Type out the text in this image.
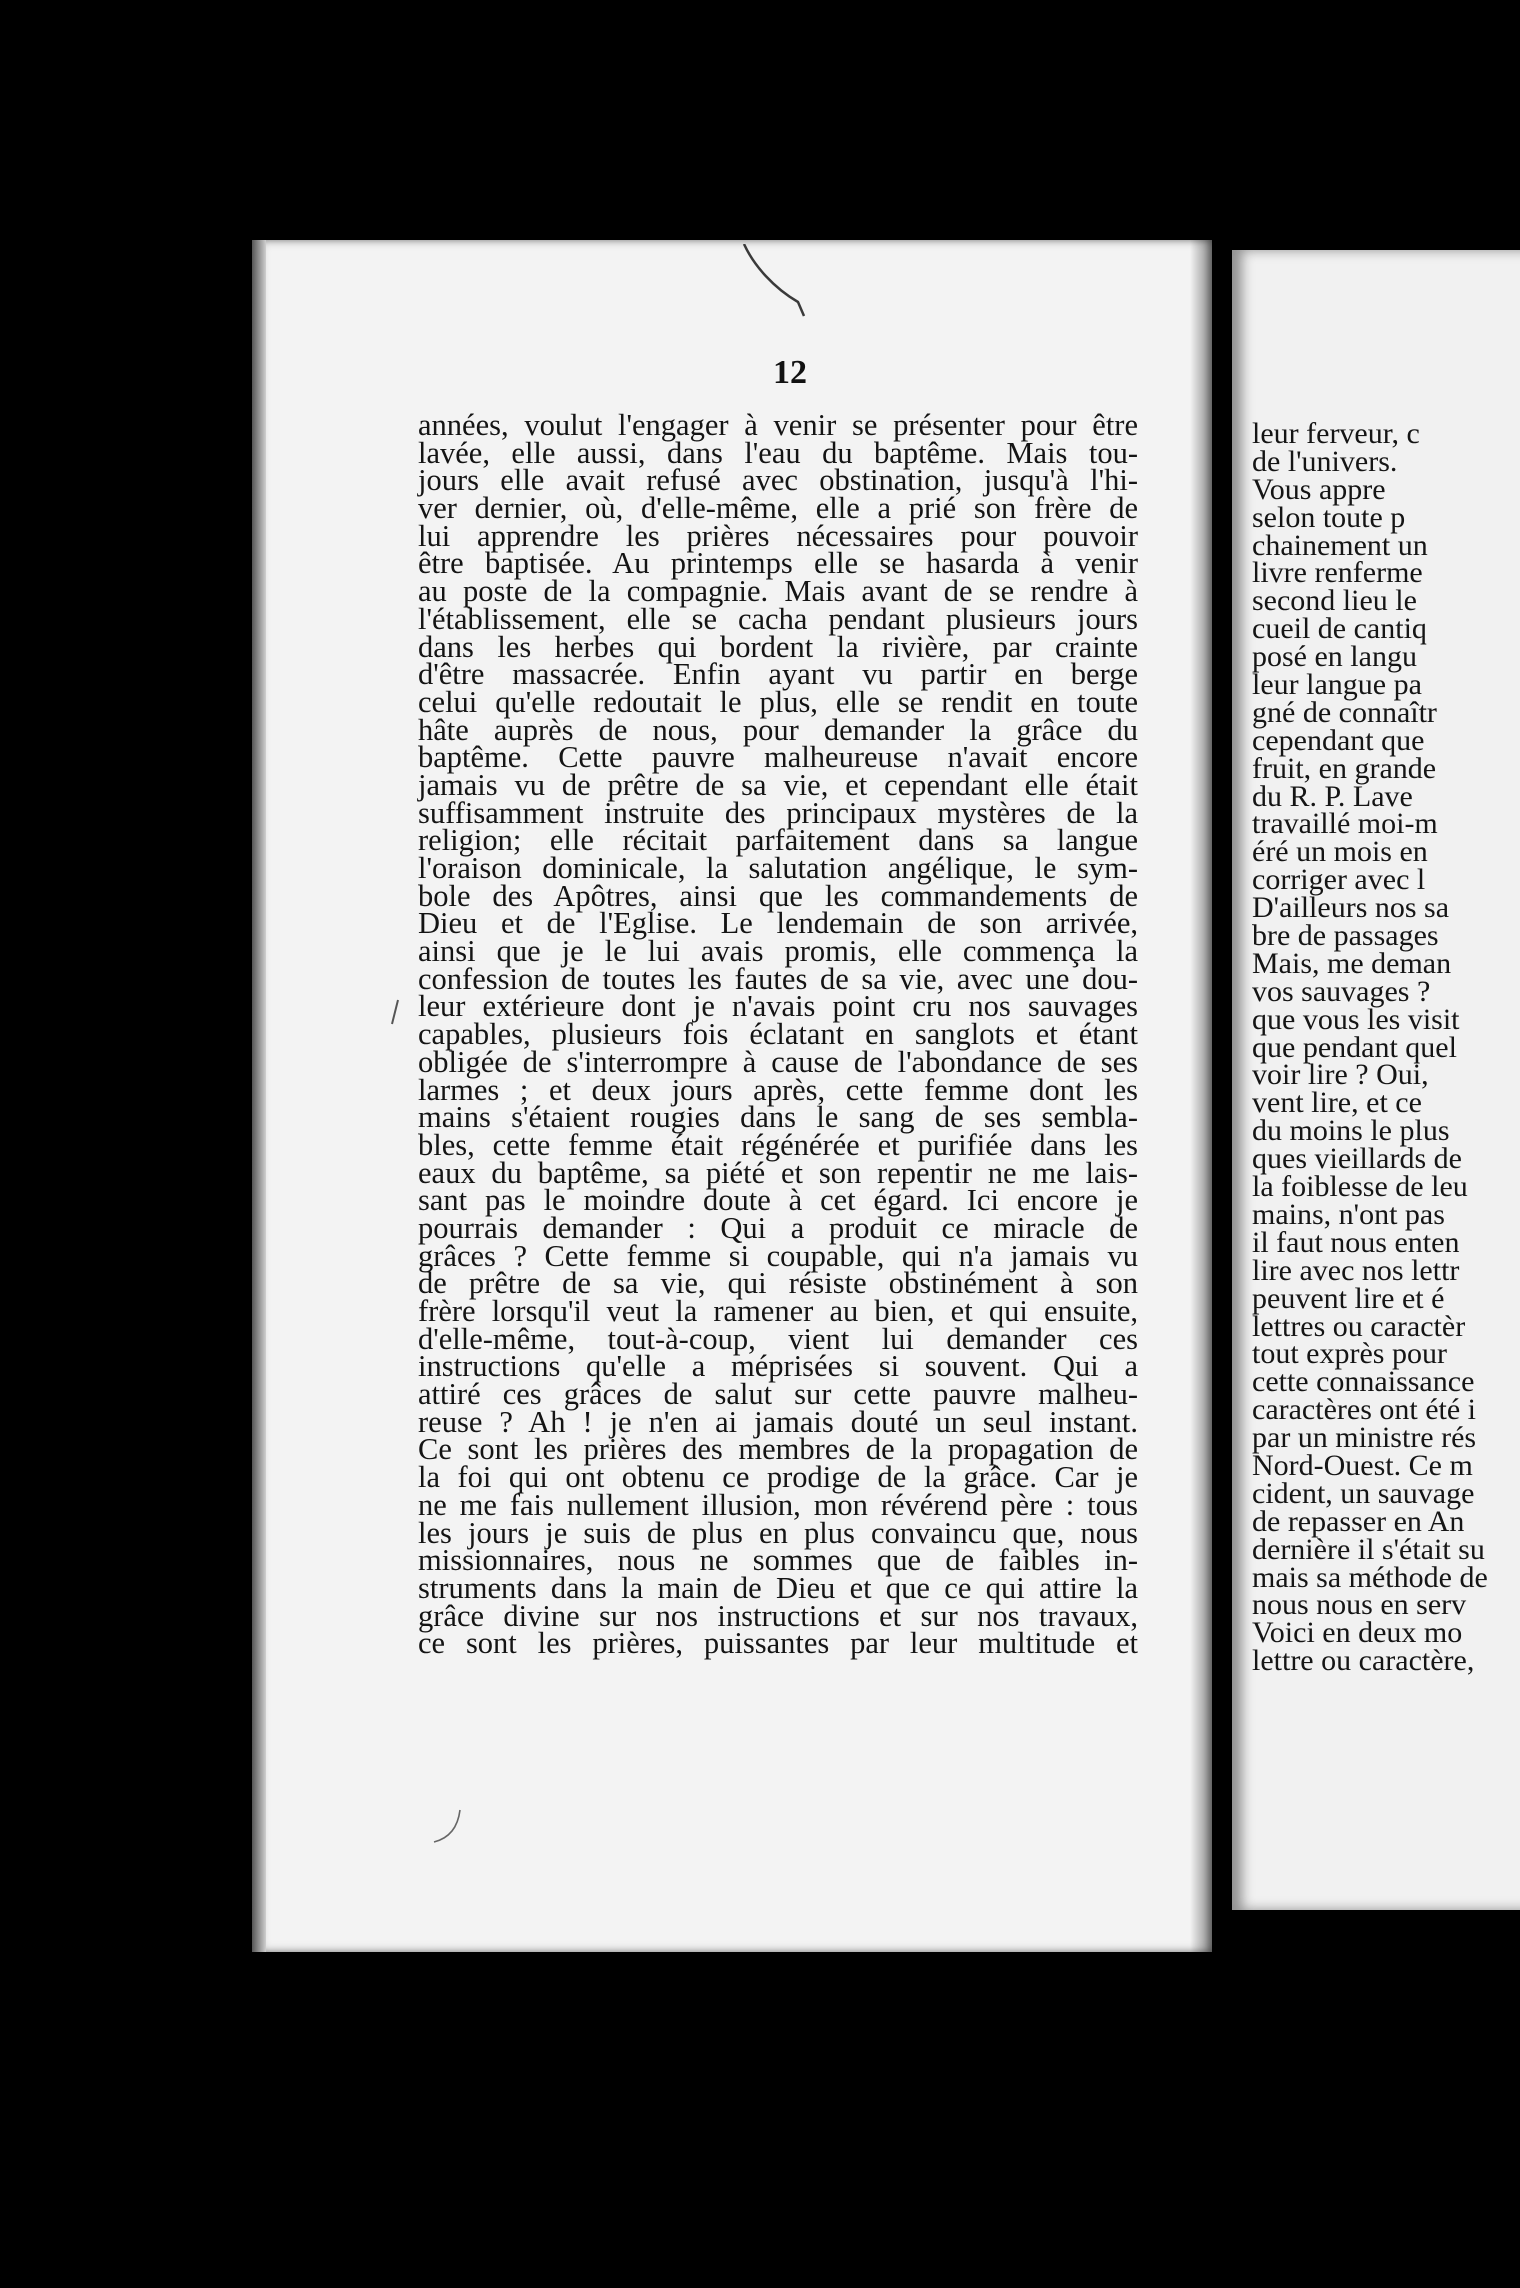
12
années, voulut l'engager à venir se présenter pour être
lavée, elle aussi, dans l'eau du baptême. Mais tou-
jours elle avait refusé avec obstination, jusqu'à l'hi-
ver dernier, où, d'elle-même, elle a prié son frère de
lui apprendre les prières nécessaires pour pouvoir
être baptisée. Au printemps elle se hasarda à venir
au poste de la compagnie. Mais avant de se rendre à
l'établissement, elle se cacha pendant plusieurs jours
dans les herbes qui bordent la rivière, par crainte
d'être massacrée. Enfin ayant vu partir en berge
celui qu'elle redoutait le plus, elle se rendit en toute
hâte auprès de nous, pour demander la grâce du
baptême. Cette pauvre malheureuse n'avait encore
jamais vu de prêtre de sa vie, et cependant elle était
suffisamment instruite des principaux mystères de la
religion; elle récitait parfaitement dans sa langue
l'oraison dominicale, la salutation angélique, le sym-
bole des Apôtres, ainsi que les commandements de
Dieu et de l'Eglise. Le lendemain de son arrivée,
ainsi que je le lui avais promis, elle commença la
confession de toutes les fautes de sa vie, avec une dou-
leur extérieure dont je n'avais point cru nos sauvages
capables, plusieurs fois éclatant en sanglots et étant
obligée de s'interrompre à cause de l'abondance de ses
larmes ; et deux jours après, cette femme dont les
mains s'étaient rougies dans le sang de ses sembla-
bles, cette femme était régénérée et purifiée dans les
eaux du baptême, sa piété et son repentir ne me lais-
sant pas le moindre doute à cet égard. Ici encore je
pourrais demander : Qui a produit ce miracle de
grâces ? Cette femme si coupable, qui n'a jamais vu
de prêtre de sa vie, qui résiste obstinément à son
frère lorsqu'il veut la ramener au bien, et qui ensuite,
d'elle-même, tout-à-coup, vient lui demander ces
instructions qu'elle a méprisées si souvent. Qui a
attiré ces grâces de salut sur cette pauvre malheu-
reuse ? Ah ! je n'en ai jamais douté un seul instant.
Ce sont les prières des membres de la propagation de
la foi qui ont obtenu ce prodige de la grâce. Car je
ne me fais nullement illusion, mon révérend père : tous
les jours je suis de plus en plus convaincu que, nous
missionnaires, nous ne sommes que de faibles in-
struments dans la main de Dieu et que ce qui attire la
grâce divine sur nos instructions et sur nos travaux,
ce sont les prières, puissantes par leur multitude et
leur ferveur, c
de l'univers.
Vous appre
selon toute p
chainement un
livre renferme
second lieu le
cueil de cantiq
posé en langu
leur langue pa
gné de connaîtr
cependant que
fruit, en grande
du R. P. Lave
travaillé moi-m
éré un mois en
corriger avec l
D'ailleurs nos sa
bre de passages
Mais, me deman
vos sauvages ?
que vous les visit
que pendant quel
voir lire ? Oui,
vent lire, et ce
du moins le plus
ques vieillards de
la foiblesse de leu
mains, n'ont pas
il faut nous enten
lire avec nos lettr
peuvent lire et é
lettres ou caractèr
tout exprès pour
cette connaissance
caractères ont été i
par un ministre rés
Nord-Ouest. Ce m
cident, un sauvage
de repasser en An
dernière il s'était su
mais sa méthode de
nous nous en serv
Voici en deux mo
lettre ou caractère,
